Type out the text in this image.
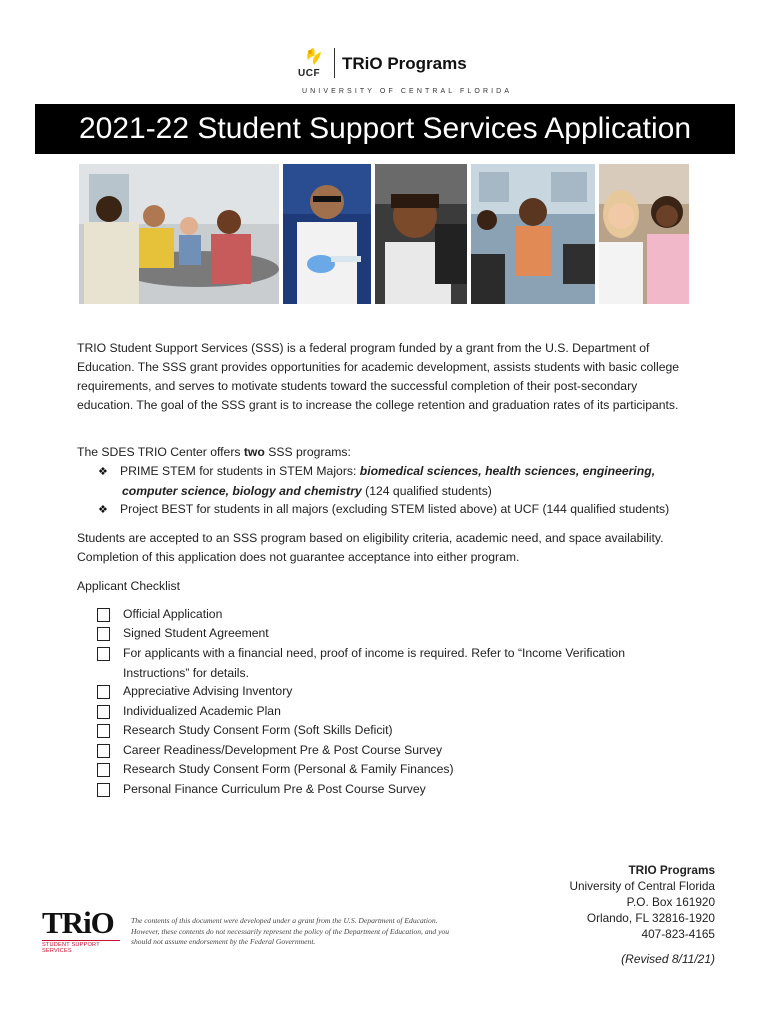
UCF
TRiO Programs
UNIVERSITY OF CENTRAL FLORIDA
2021-22 Student Support Services Application
TRIO Student Support Services (SSS) is a federal program funded by a grant from the U.S. Department of Education. The SSS grant provides opportunities for academic development, assists students with basic college requirements, and serves to motivate students toward the successful completion of their post-secondary education. The goal of the SSS grant is to increase the college retention and graduation rates of its participants.
The SDES TRIO Center offers two SSS programs:
❖ PRIME STEM for students in STEM Majors: biomedical sciences, health sciences, engineering,
computer science, biology and chemistry (124 qualified students)
❖ Project BEST for students in all majors (excluding STEM listed above) at UCF (144 qualified students)
Students are accepted to an SSS program based on eligibility criteria, academic need, and space availability. Completion of this application does not guarantee acceptance into either program.
Applicant Checklist
Official Application
Signed Student Agreement
For applicants with a financial need, proof of income is required. Refer to “Income Verification Instructions” for details.
Appreciative Advising Inventory
Individualized Academic Plan
Research Study Consent Form (Soft Skills Deficit)
Career Readiness/Development Pre & Post Course Survey
Research Study Consent Form (Personal & Family Finances)
Personal Finance Curriculum Pre & Post Course Survey
TRIO Programs
University of Central Florida
P.O. Box 161920
Orlando, FL 32816-1920
407-823-4165
TRiO
STUDENT SUPPORT SERVICES
The contents of this document were developed under a grant from the U.S. Department of Education. However, these contents do not necessarily represent the policy of the Department of Education, and you should not assume endorsement by the Federal Government.
(Revised 8/11/21)
